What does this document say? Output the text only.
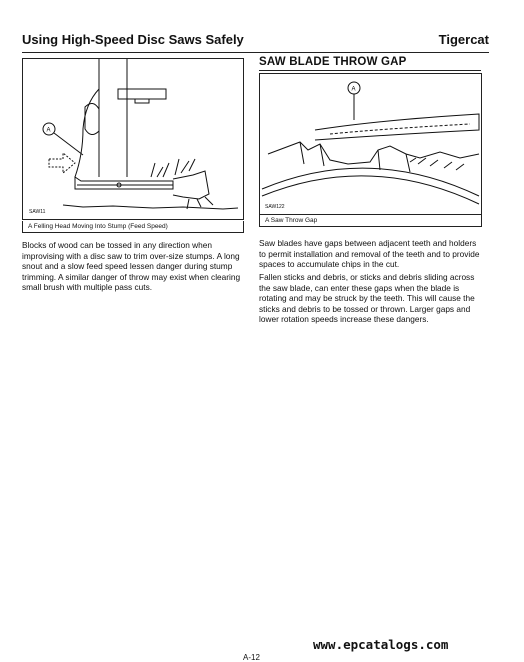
Using High-Speed Disc Saws Safely	Tigercat
A
SAW11
A Felling Head Moving Into Stump (Feed Speed)
Blocks of wood can be tossed in any direction when improvising with a disc saw to trim over-size stumps. A long snout and a slow feed speed lessen danger during stump trimming. A similar danger of throw may exist when clearing small brush with multiple pass cuts.
SAW BLADE THROW GAP
A
SAW122
A Saw Throw Gap
Saw blades have gaps between adjacent teeth and holders to permit installation and removal of the teeth and to provide spaces to accumulate chips in the cut.
Fallen sticks and debris, or sticks and debris sliding across the saw blade, can enter these gaps when the blade is rotating and may be struck by the teeth. This will cause the sticks and debris to be tossed or thrown. Larger gaps and lower rotation speeds increase these dangers.
www.epcatalogs.com
A-12
